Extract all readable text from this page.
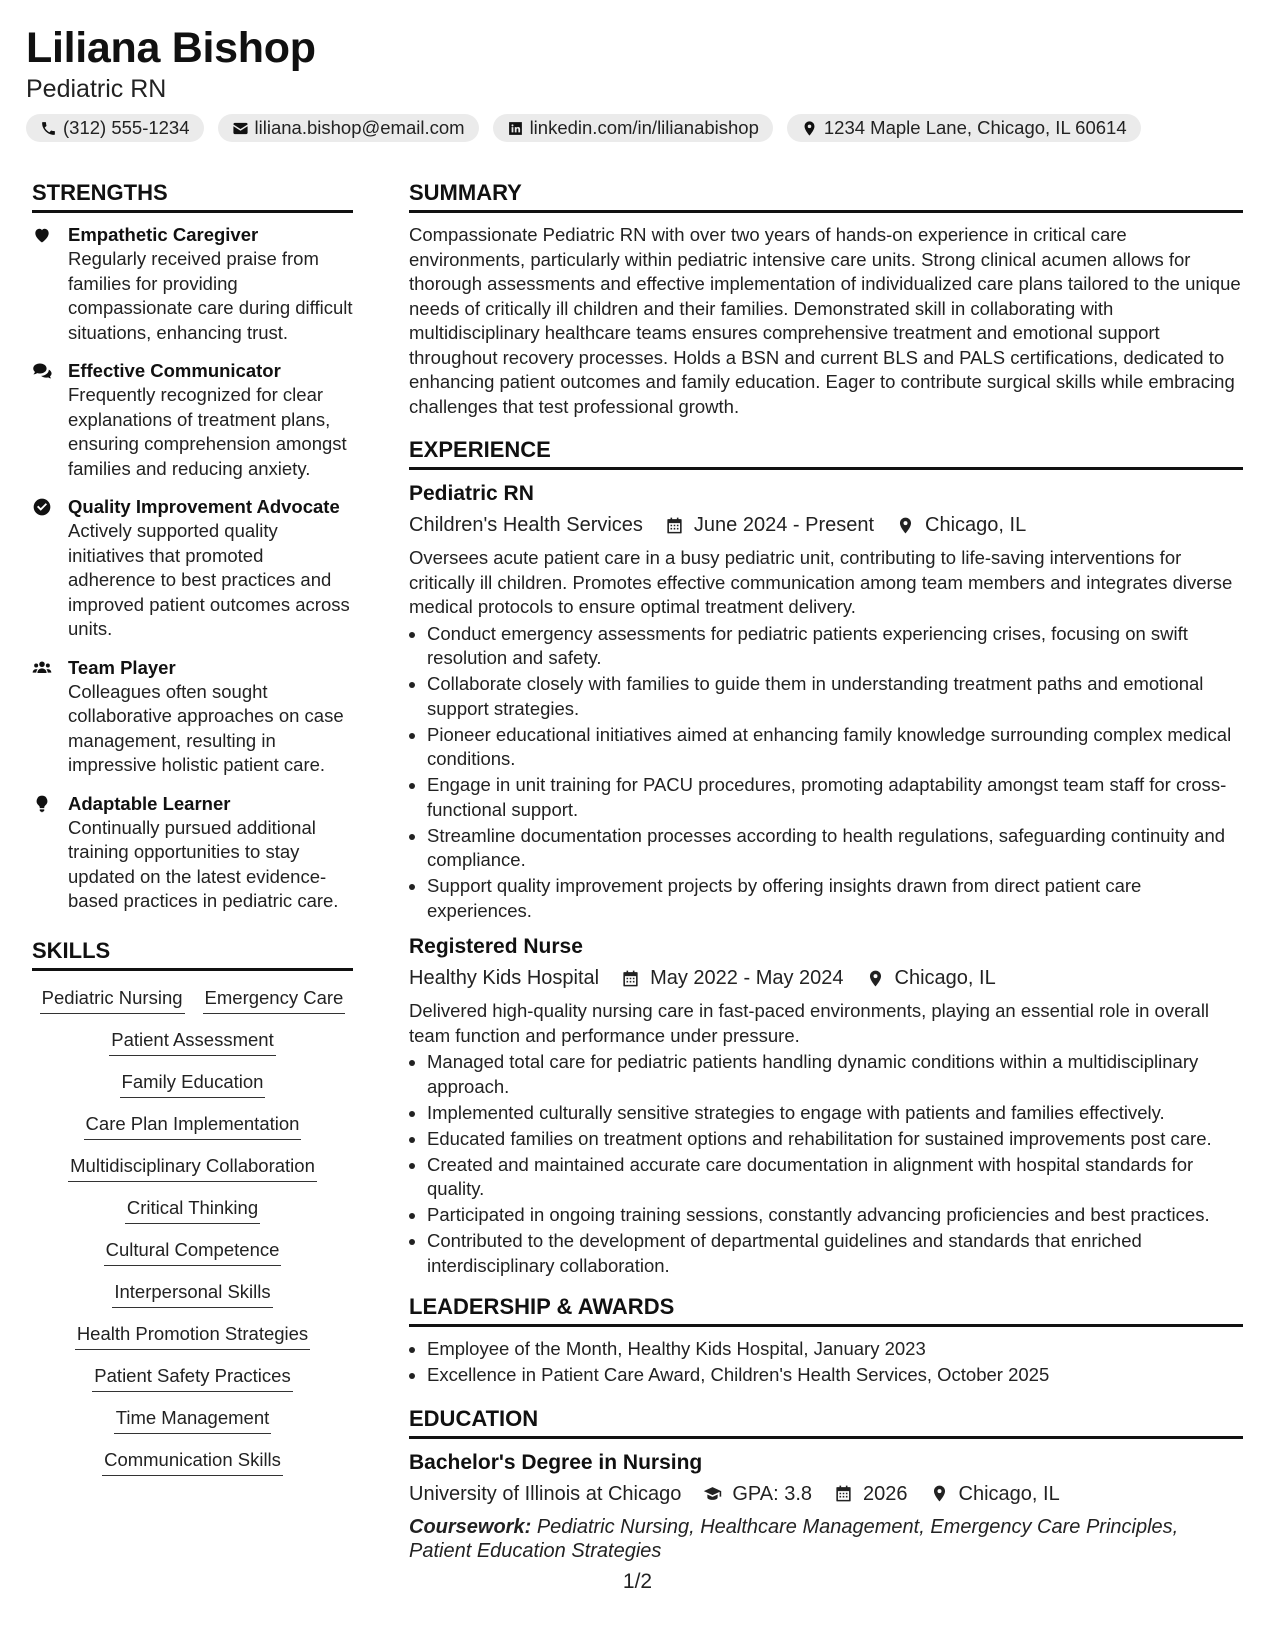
Liliana Bishop
Pediatric RN
(312) 555-1234	liliana.bishop@email.com	linkedin.com/in/lilianabishop	1234 Maple Lane, Chicago, IL 60614
STRENGTHS
Empathetic Caregiver
Regularly received praise from families for providing compassionate care during difficult situations, enhancing trust.
Effective Communicator
Frequently recognized for clear explanations of treatment plans, ensuring comprehension amongst families and reducing anxiety.
Quality Improvement Advocate
Actively supported quality initiatives that promoted adherence to best practices and improved patient outcomes across units.
Team Player
Colleagues often sought collaborative approaches on case management, resulting in impressive holistic patient care.
Adaptable Learner
Continually pursued additional training opportunities to stay updated on the latest evidence-based practices in pediatric care.
SKILLS
Pediatric Nursing Emergency Care
Patient Assessment
Family Education
Care Plan Implementation
Multidisciplinary Collaboration
Critical Thinking
Cultural Competence
Interpersonal Skills
Health Promotion Strategies
Patient Safety Practices
Time Management
Communication Skills
SUMMARY

Compassionate Pediatric RN with over two years of hands-on experience in critical care environments, particularly within pediatric intensive care units. Strong clinical acumen allows for thorough assessments and effective implementation of individualized care plans tailored to the unique needs of critically ill children and their families. Demonstrated skill in collaborating with multidisciplinary healthcare teams ensures comprehensive treatment and emotional support throughout recovery processes. Holds a BSN and current BLS and PALS certifications, dedicated to enhancing patient outcomes and family education. Eager to contribute surgical skills while embracing challenges that test professional growth.

EXPERIENCE
Pediatric RN
Children's Health Services	June 2024 - Present	Chicago, IL

Oversees acute patient care in a busy pediatric unit, contributing to life-saving interventions for critically ill children. Promotes effective communication among team members and integrates diverse medical protocols to ensure optimal treatment delivery.

• Conduct emergency assessments for pediatric patients experiencing crises, focusing on swift resolution and safety.
• Collaborate closely with families to guide them in understanding treatment paths and emotional support strategies.
• Pioneer educational initiatives aimed at enhancing family knowledge surrounding complex medical conditions.
• Engage in unit training for PACU procedures, promoting adaptability amongst team staff for cross-functional support.
• Streamline documentation processes according to health regulations, safeguarding continuity and compliance.
• Support quality improvement projects by offering insights drawn from direct patient care experiences.
Registered Nurse
Healthy Kids Hospital	May 2022 - May 2024	Chicago, IL

Delivered high-quality nursing care in fast-paced environments, playing an essential role in overall team function and performance under pressure.

• Managed total care for pediatric patients handling dynamic conditions within a multidisciplinary approach.
• Implemented culturally sensitive strategies to engage with patients and families effectively.
• Educated families on treatment options and rehabilitation for sustained improvements post care.
• Created and maintained accurate care documentation in alignment with hospital standards for quality.
• Participated in ongoing training sessions, constantly advancing proficiencies and best practices.
• Contributed to the development of departmental guidelines and standards that enriched interdisciplinary collaboration.
LEADERSHIP & AWARDS
• Employee of the Month, Healthy Kids Hospital, January 2023
• Excellence in Patient Care Award, Children's Health Services, October 2025
EDUCATION
Bachelor's Degree in Nursing
University of Illinois at Chicago	GPA: 3.8	2026	Chicago, IL
Coursework: Pediatric Nursing, Healthcare Management, Emergency Care Principles, Patient Education Strategies
1/2
